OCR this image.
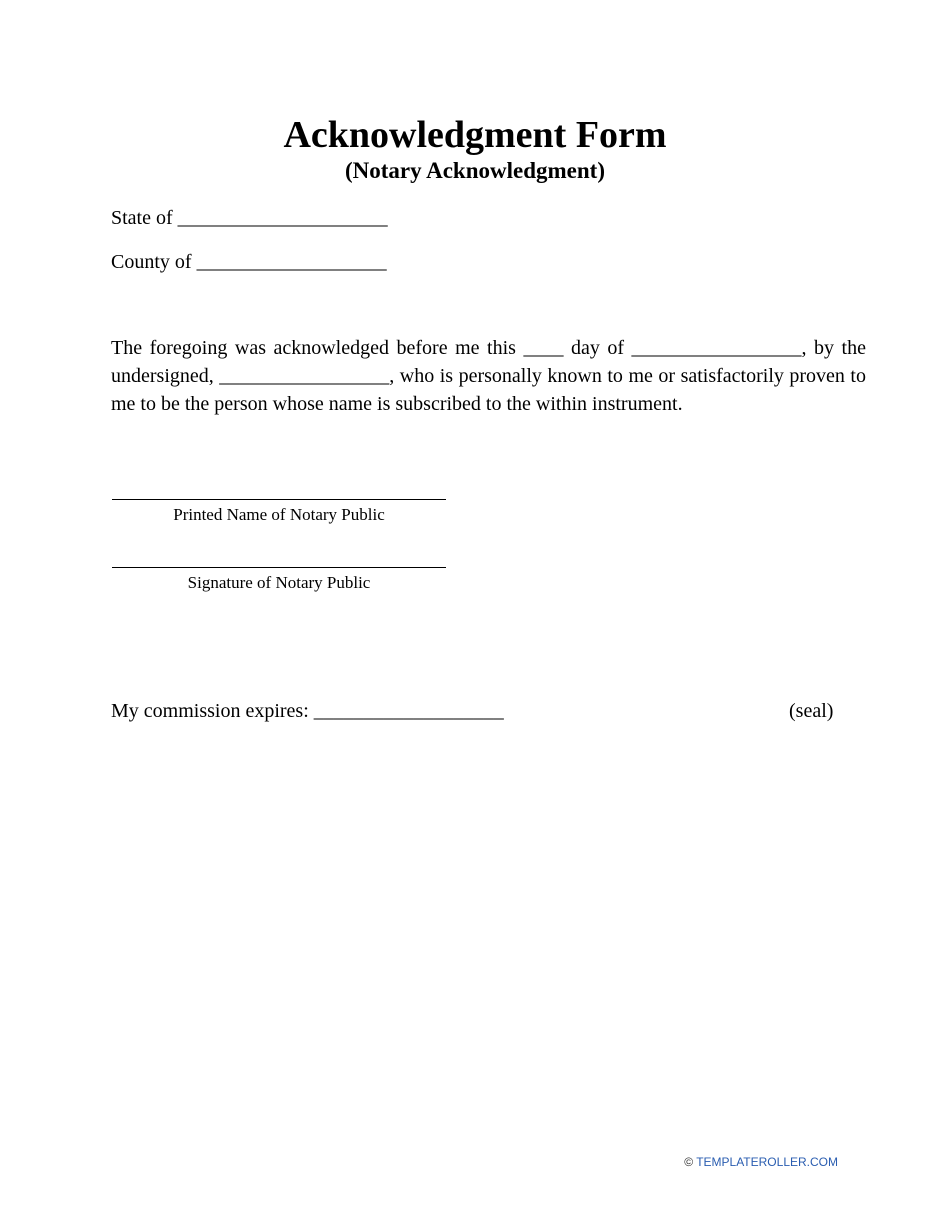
Acknowledgment Form
(Notary Acknowledgment)
State of _____________________
County of ___________________

The foregoing was acknowledged before me this ____ day of _________________, by the undersigned, _________________, who is personally known to me or satisfactorily proven to me to be the person whose name is subscribed to the within instrument.

Printed Name of Notary Public
Signature of Notary Public
My commission expires: ___________________	(seal)
© TEMPLATEROLLER.COM
